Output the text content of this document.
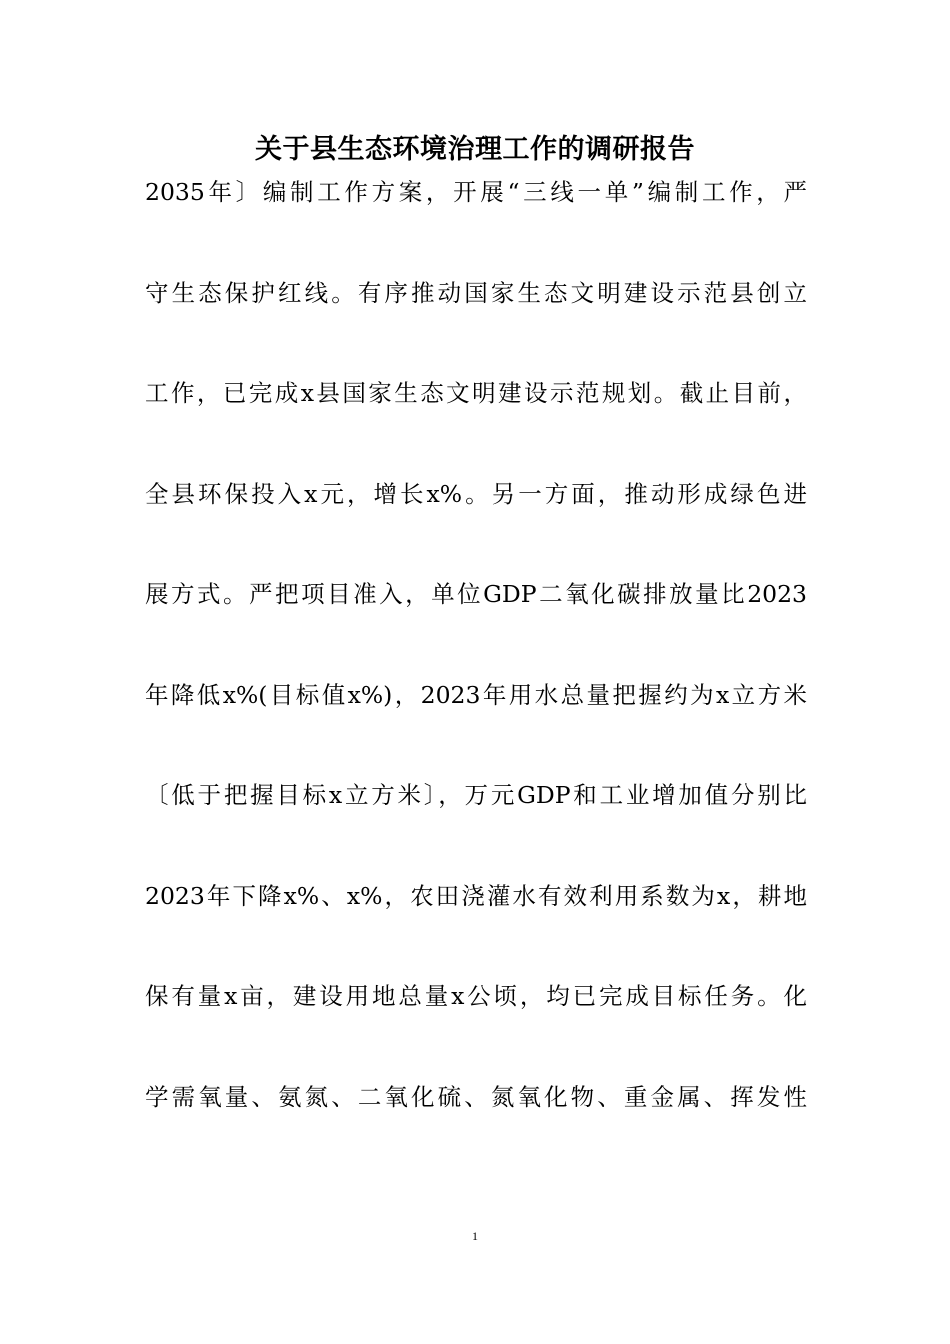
关于县生态环境治理工作的调研报告
2035年〕编制工作方案，开展“三线一单”编制工作，严
守生态保护红线。有序推动国家生态文明建设示范县创立
工作，已完成x县国家生态文明建设示范规划。截止目前，
全县环保投入x元，增长x%。另一方面，推动形成绿色进
展方式。严把项目准入，单位GDP二氧化碳排放量比2023
年降低x%(目标值x%)，2023年用水总量把握约为x立方米
〔低于把握目标x立方米〕，万元GDP和工业增加值分别比
2023年下降x%、x%，农田浇灌水有效利用系数为x，耕地
保有量x亩，建设用地总量x公顷，均已完成目标任务。化
学需氧量、氨氮、二氧化硫、氮氧化物、重金属、挥发性
1
